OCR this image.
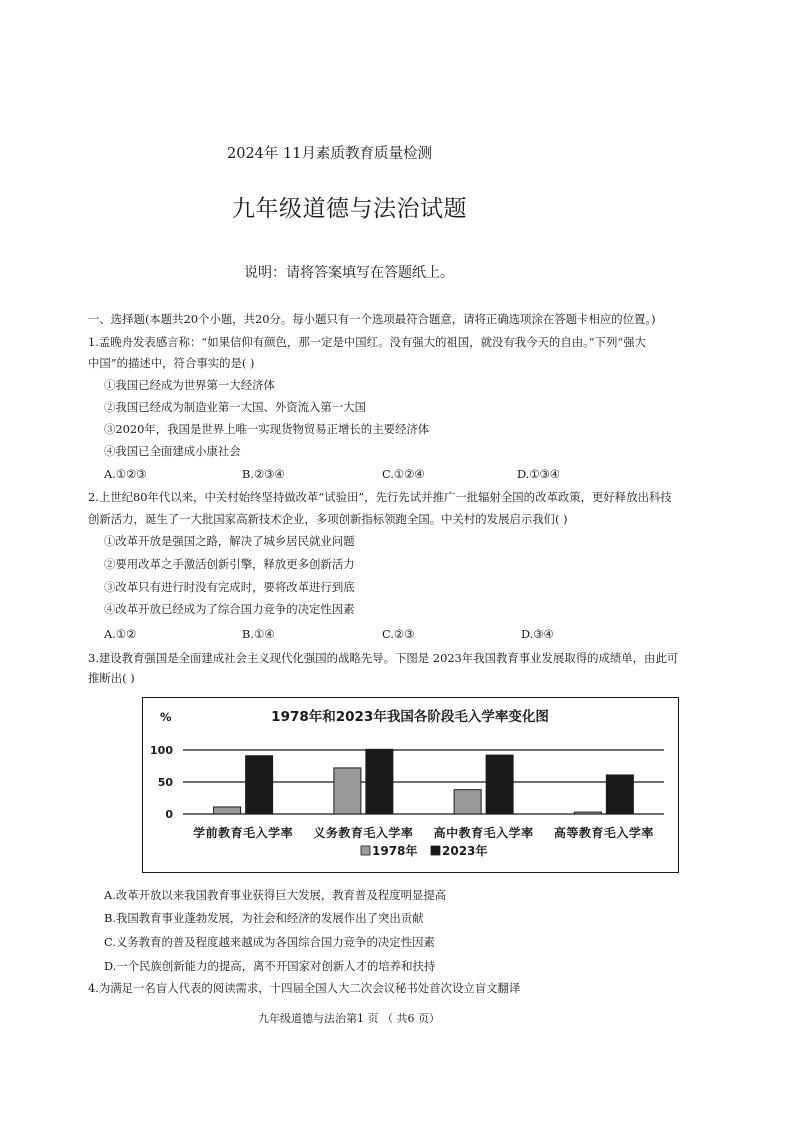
2024年 11月素质教育质量检测
九年级道德与法治试题
说明：请将答案填写在答题纸上。
一、选择题(本题共20个小题，共20分。每小题只有一个选项最符合题意，请将正确选项涂在答题卡相应的位置。)
1.孟晚舟发表感言称：“如果信仰有颜色，那一定是中国红。没有强大的祖国，就没有我今天的自由。”下列“强大
中国”的描述中，符合事实的是( )
①我国已经成为世界第一大经济体
②我国已经成为制造业第一大国、外资流入第一大国
③2020年，我国是世界上唯一实现货物贸易正增长的主要经济体
④我国已全面建成小康社会
A.①②③	B.②③④	C.①②④	D.①③④
2.上世纪80年代以来，中关村始终坚持做改革“试验田”，先行先试并推广一批辐射全国的改革政策，更好释放出科技
创新活力，诞生了一大批国家高新技术企业，多项创新指标领跑全国。中关村的发展启示我们( )
①改革开放是强国之路，解决了城乡居民就业问题
②要用改革之手激活创新引擎，释放更多创新活力
③改革只有进行时没有完成时，要将改革进行到底
④改革开放已经成为了综合国力竞争的决定性因素
A.①②	B.①④	C.②③	D.③④
3.建设教育强国是全面建成社会主义现代化强国的战略先导。下图是 2023年我国教育事业发展取得的成绩单，由此可
推断出( )
1978年和2023年我国各阶段毛入学率变化图
%
100
50
0
学前教育毛入学率 义务教育毛入学率 高中教育毛入学率 高等教育毛入学率
1978年 2023年
A.改革开放以来我国教育事业获得巨大发展，教育普及程度明显提高
B.我国教育事业蓬勃发展，为社会和经济的发展作出了突出贡献
C.义务教育的普及程度越来越成为各国综合国力竞争的决定性因素
D.一个民族创新能力的提高，离不开国家对创新人才的培养和扶持
4.为满足一名盲人代表的阅读需求，十四届全国人大二次会议秘书处首次设立盲文翻译
九年级道德与法治第1 页 （ 共6 页）
